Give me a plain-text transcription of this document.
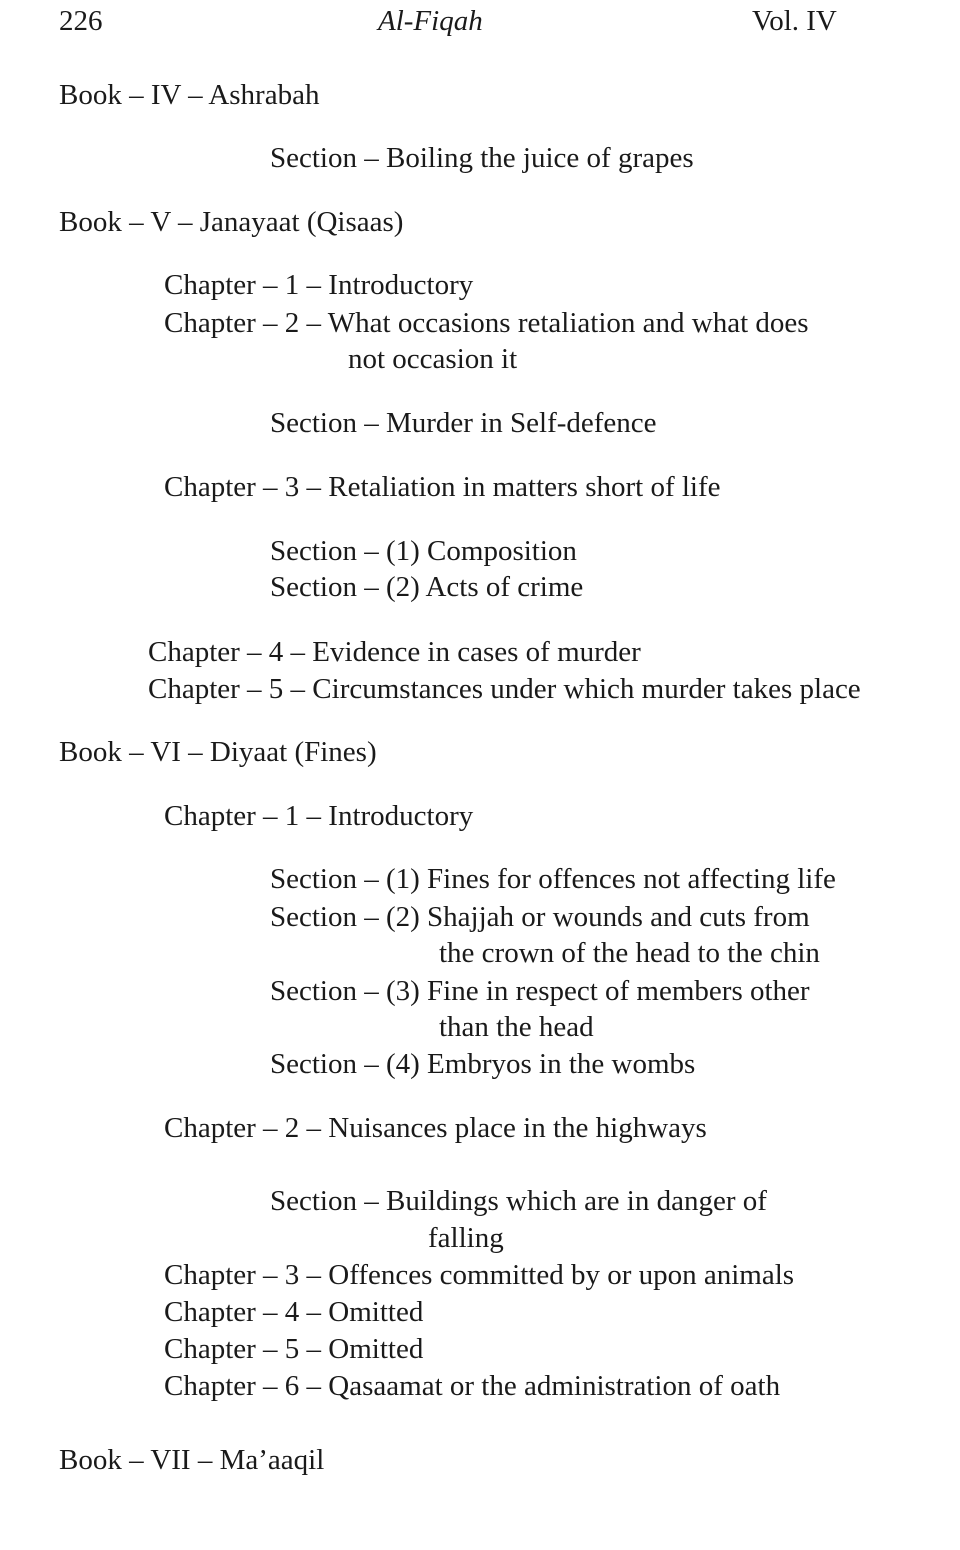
226	Al-Fiqah	Vol. IV
Book – IV – Ashrabah
Section – Boiling the juice of grapes
Book – V – Janayaat (Qisaas)
Chapter – 1 – Introductory
Chapter – 2 – What occasions retaliation and what does
not occasion it
Section – Murder in Self-defence
Chapter – 3 – Retaliation in matters short of life
Section – (1) Composition
Section – (2) Acts of crime
Chapter – 4 – Evidence in cases of murder
Chapter – 5 – Circumstances under which murder takes place
Book – VI – Diyaat (Fines)
Chapter – 1 – Introductory
Section – (1) Fines for offences not affecting life
Section – (2) Shajjah or wounds and cuts from
the crown of the head to the chin
Section – (3) Fine in respect of members other
than the head
Section – (4) Embryos in the wombs
Chapter – 2 – Nuisances place in the highways
Section – Buildings which are in danger of
falling
Chapter – 3 – Offences committed by or upon animals
Chapter – 4 – Omitted
Chapter – 5 – Omitted
Chapter – 6 – Qasaamat or the administration of oath
Book – VII – Ma’aaqil
